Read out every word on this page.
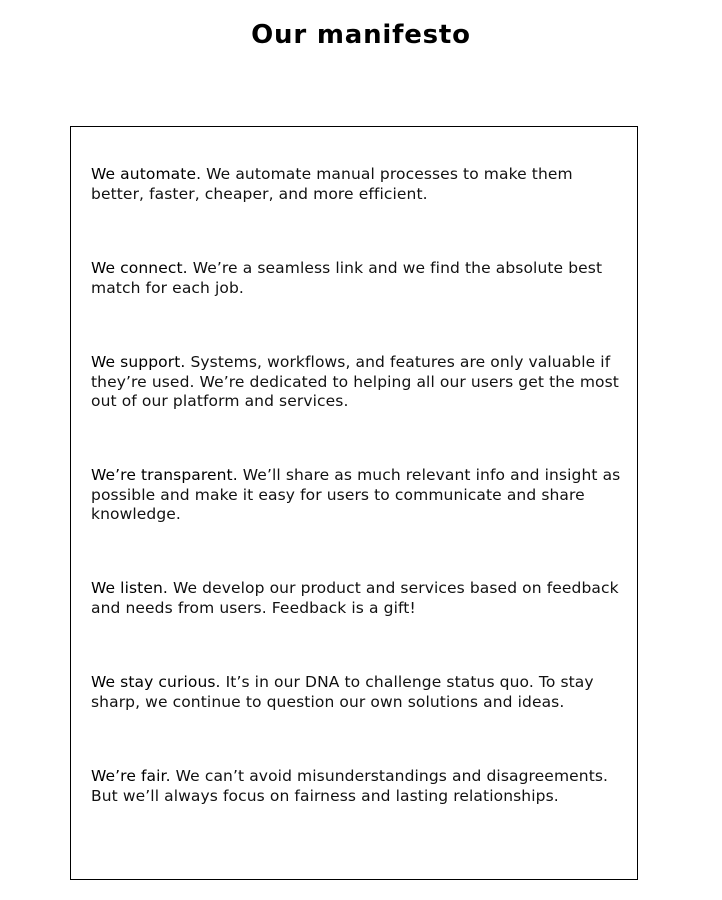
Our manifesto

We automate. We automate manual processes to make them better, faster, cheaper, and more efficient.

We connect. We’re a seamless link and we find the absolute best match for each job.

We support. Systems, workflows, and features are only valuable if they’re used. We’re dedicated to helping all our users get the most out of our platform and services.

We’re transparent. We’ll share as much relevant info and insight as possible and make it easy for users to communicate and share knowledge.

We listen. We develop our product and services based on feedback and needs from users. Feedback is a gift!

We stay curious. It’s in our DNA to challenge status quo. To stay sharp, we continue to question our own solutions and ideas.

We’re fair. We can’t avoid misunderstandings and disagreements. But we’ll always focus on fairness and lasting relationships.
